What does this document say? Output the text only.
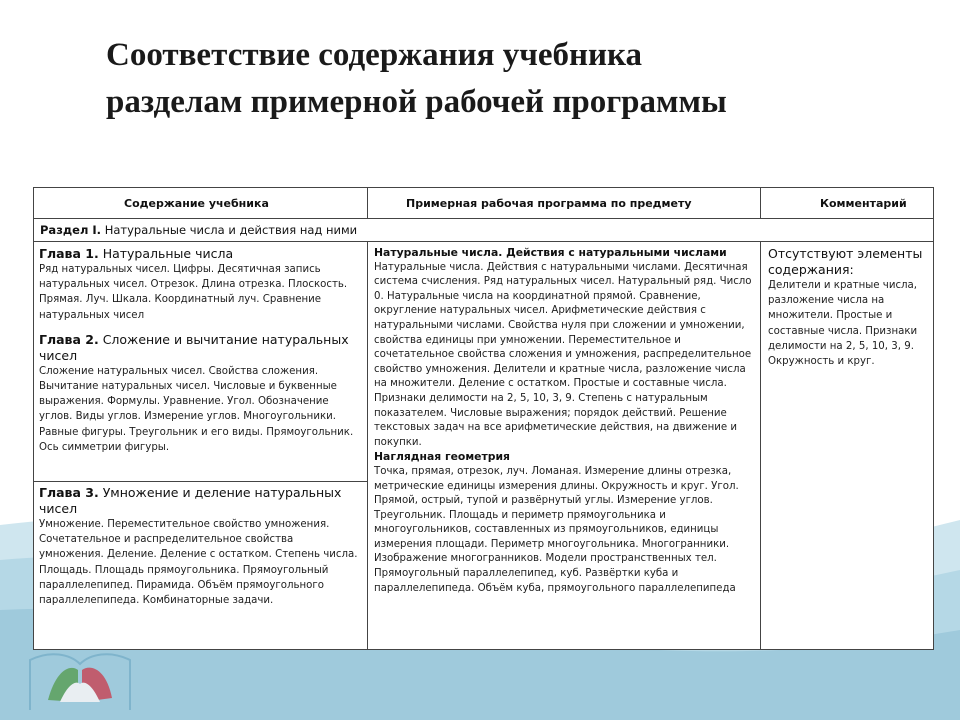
Соответствие содержания учебника
разделам примерной рабочей программы
Содержание учебника	Примерная рабочая программа по предмету	Комментарий
Раздел I. Натуральные числа и действия над ними
Глава 1. Натуральные числа
Ряд натуральных чисел. Цифры. Десятичная запись натуральных чисел. Отрезок. Длина отрезка. Плоскость. Прямая. Луч. Шкала. Координатный луч. Сравнение натуральных чисел
Глава 2. Сложение и вычитание натуральных чисел
Сложение натуральных чисел. Свойства сложения. Вычитание натуральных чисел. Числовые и буквенные выражения. Формулы. Уравнение. Угол. Обозначение углов. Виды углов. Измерение углов. Многоугольники. Равные фигуры. Треугольник и его виды. Прямоугольник. Ось симметрии фигуры.
Глава 3. Умножение и деление натуральных чисел
Умножение. Переместительное свойство умножения. Сочетательное и распределительное свойства умножения. Деление. Деление с остатком. Степень числа. Площадь. Площадь прямоугольника. Прямоугольный параллелепипед. Пирамида. Объём прямоугольного параллелепипеда. Комбинаторные задачи.
Натуральные числа. Действия с натуральными числами
Натуральные числа. Действия с натуральными числами. Десятичная система счисления. Ряд натуральных чисел. Натуральный ряд. Число 0. Натуральные числа на координатной прямой. Сравнение, округление натуральных чисел. Арифметические действия с натуральными числами. Свойства нуля при сложении и умножении, свойства единицы при умножении. Переместительное и сочетательное свойства сложения и умножения, распределительное свойство умножения. Делители и кратные числа, разложение числа на множители. Деление с остатком. Простые и составные числа. Признаки делимости на 2, 5, 10, 3, 9. Степень с натуральным показателем. Числовые выражения; порядок действий. Решение текстовых задач на все арифметические действия, на движение и покупки.
Наглядная геометрия
Точка, прямая, отрезок, луч. Ломаная. Измерение длины отрезка, метрические единицы измерения длины. Окружность и круг. Угол. Прямой, острый, тупой и развёрнутый углы. Измерение углов. Треугольник. Площадь и периметр прямоугольника и многоугольников, составленных из прямоугольников, единицы измерения площади. Периметр многоугольника. Многогранники. Изображение многогранников. Модели пространственных тел. Прямоугольный параллелепипед, куб. Развёртки куба и параллелепипеда. Объём куба, прямоугольного параллелепипеда
Отсутствуют элементы содержания:
Делители и кратные числа, разложение числа на множители. Простые и составные числа. Признаки делимости на 2, 5, 10, 3, 9. Окружность и круг.
